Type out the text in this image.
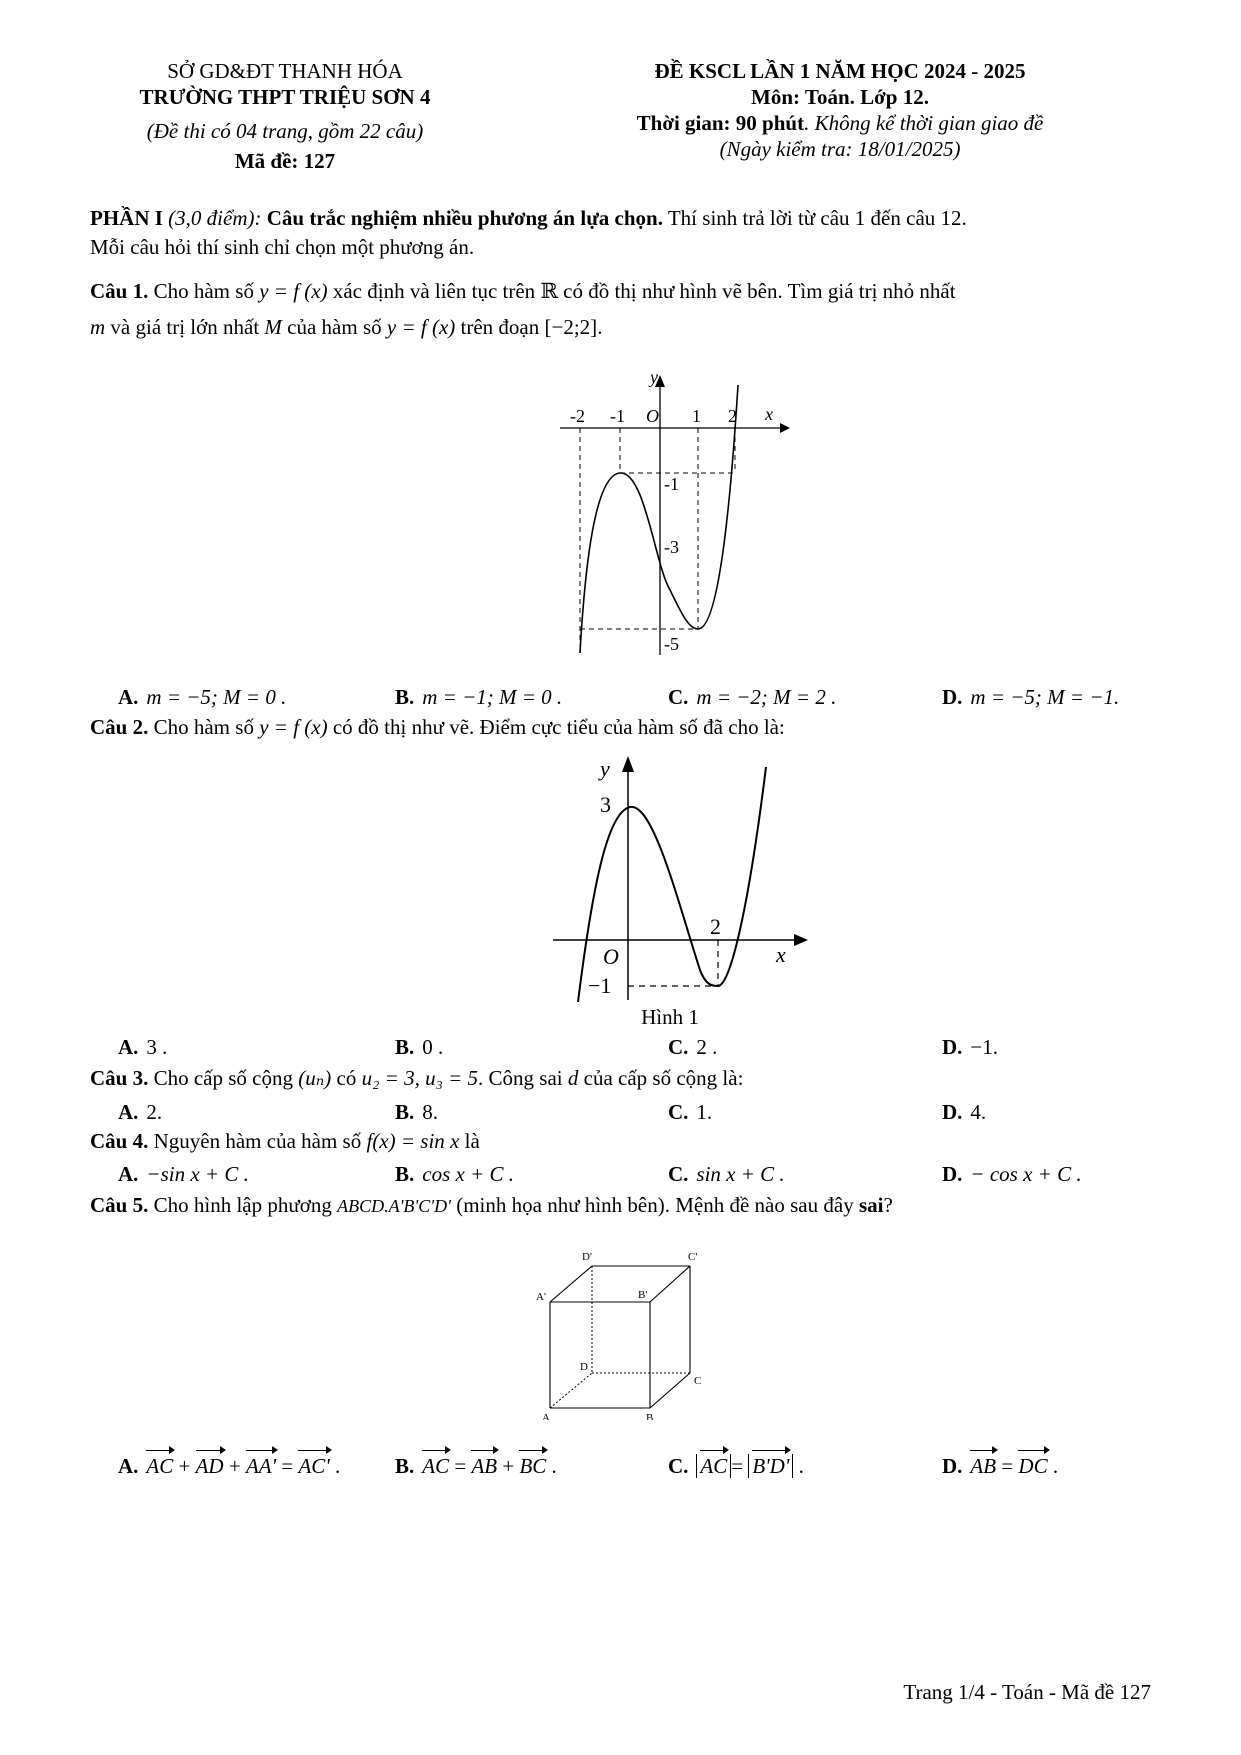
SỞ GD&ĐT THANH HÓA
TRƯỜNG THPT TRIỆU SƠN 4
(Đề thi có 04 trang, gồm 22 câu)
Mã đề: 127
ĐỀ KSCL LẦN 1 NĂM HỌC 2024 - 2025
Môn: Toán. Lớp 12.
Thời gian: 90 phút. Không kể thời gian giao đề
(Ngày kiểm tra: 18/01/2025)
PHẦN I (3,0 điểm): Câu trắc nghiệm nhiều phương án lựa chọn. Thí sinh trả lời từ câu 1 đến câu 12.
Mỗi câu hỏi thí sinh chỉ chọn một phương án.
Câu 1. Cho hàm số y = f (x) xác định và liên tục trên ℝ có đồ thị như hình vẽ bên. Tìm giá trị nhỏ nhất
m và giá trị lớn nhất M của hàm số y = f (x) trên đoạn [−2;2].
y
x
O
-2 -1	1 2
-1
-3
-5
A. m = −5; M = 0 .	B. m = −1; M = 0 .	C. m = −2; M = 2 .	D. m = −5; M = −1.
Câu 2. Cho hàm số y = f (x) có đồ thị như vẽ. Điểm cực tiểu của hàm số đã cho là:
y
3
2
O	x
−1
Hình 1
A. 3 .	B. 0 .	C. 2 .	D. −1.
Câu 3. Cho cấp số cộng (uₙ) có u₂ = 3, u₃ = 5. Công sai d của cấp số cộng là:
A. 2.	B. 8.	C. 1.	D. 4.
Câu 4. Nguyên hàm của hàm số f(x) = sin x là
A. −sin x + C .	B. cos x + C .	C. sin x + C .	D. − cos x + C .
Câu 5. Cho hình lập phương ABCD.A'B'C'D' (minh họa như hình bên). Mệnh đề nào sau đây sai?
D'	C'
A'	B'
D
C
A	B
A. AC + AD + AA' = AC' .	B. AC = AB + BC .	C. AC = B'D' .	D. AB = DC .
Trang 1/4 - Toán - Mã đề 127
